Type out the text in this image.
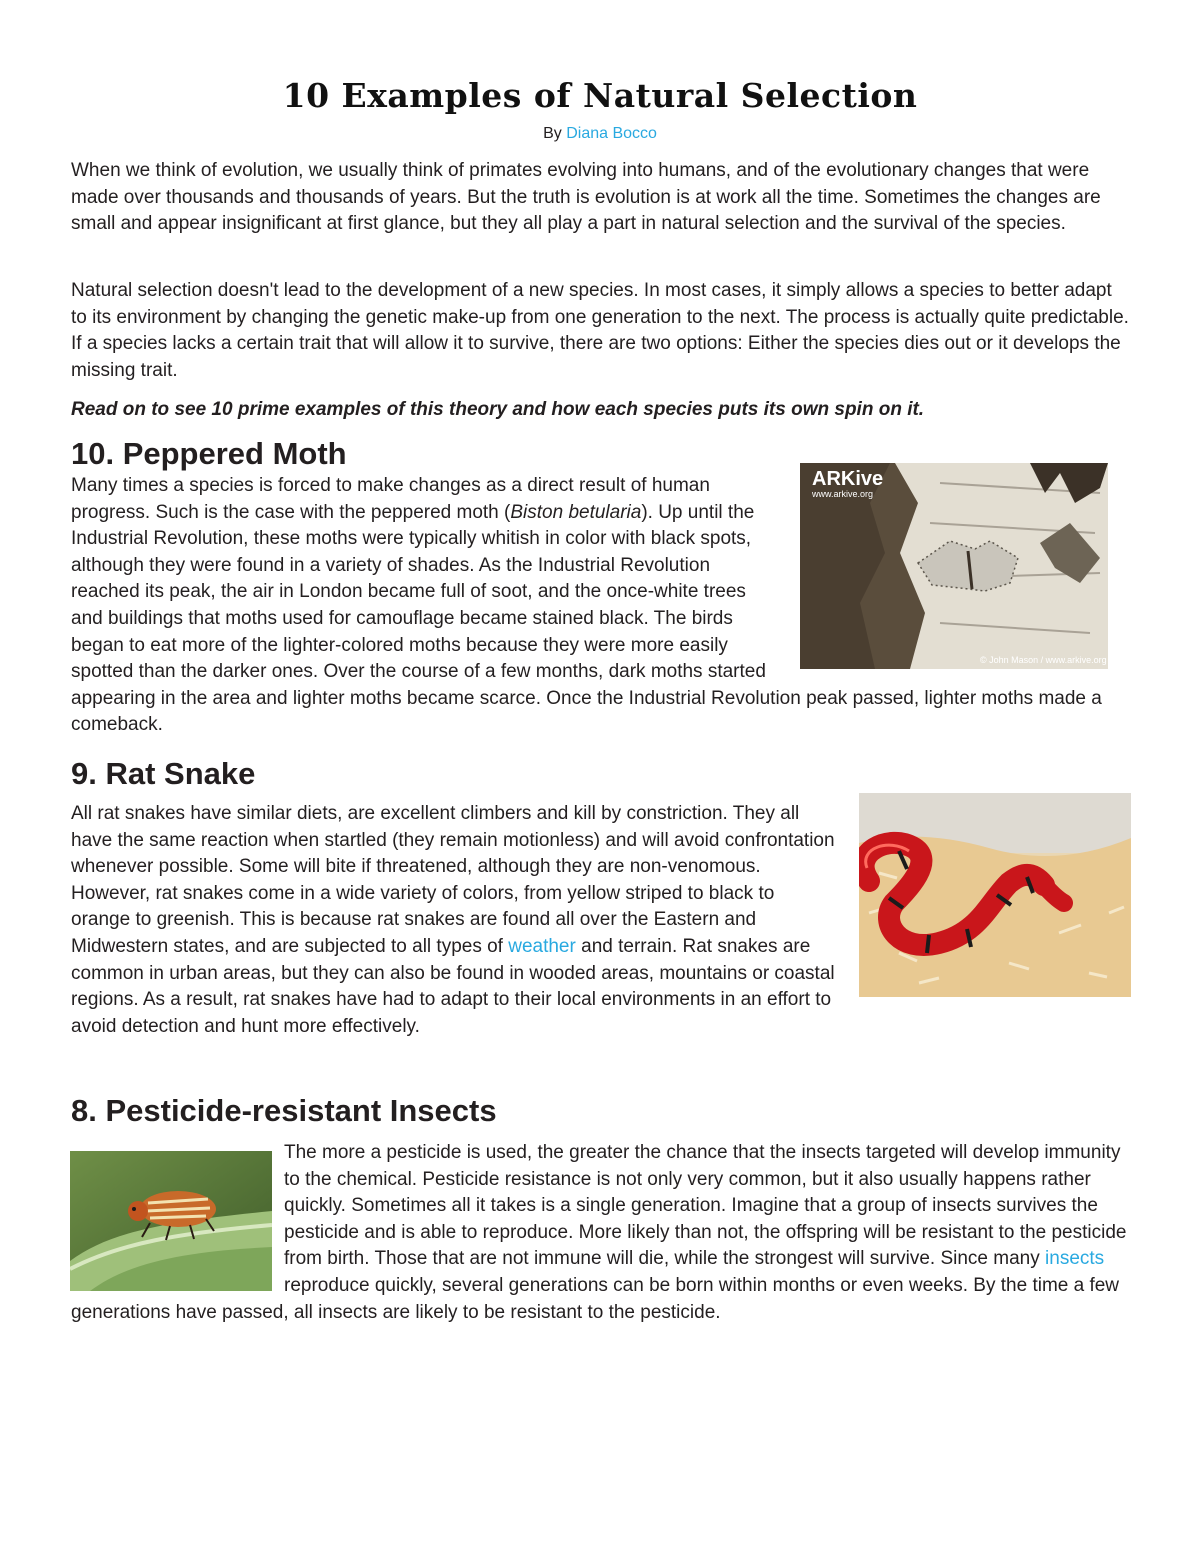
10 Examples of Natural Selection
By Diana Bocco

When we think of evolution, we usually think of primates evolving into humans, and of the evolutionary changes that were made over thousands and thousands of years. But the truth is evolution is at work all the time. Sometimes the changes are small and appear insignificant at first glance, but they all play a part in natural selection and the survival of the species.

Natural selection doesn't lead to the development of a new species. In most cases, it simply allows a species to better adapt to its environment by changing the genetic make-up from one generation to the next. The process is actually quite predictable. If a species lacks a certain trait that will allow it to survive, there are two options: Either the species dies out or it develops the missing trait.

Read on to see 10 prime examples of this theory and how each species puts its own spin on it.

10. Peppered Moth
ARKive
www.arkive.org
© John Mason / www.arkive.org

Many times a species is forced to make changes as a direct result of human progress. Such is the case with the peppered moth (Biston betularia). Up until the Industrial Revolution, these moths were typically whitish in color with black spots, although they were found in a variety of shades. As the Industrial Revolution reached its peak, the air in London became full of soot, and the once-white trees and buildings that moths used for camouflage became stained black. The birds began to eat more of the lighter-colored moths because they were more easily spotted than the darker ones. Over the course of a few months, dark moths started appearing in the area and lighter moths became scarce. Once the Industrial Revolution peak passed, lighter moths made a comeback.

9. Rat Snake

All rat snakes have similar diets, are excellent climbers and kill by constriction. They all have the same reaction when startled (they remain motionless) and will avoid confrontation whenever possible. Some will bite if threatened, although they are non-venomous. However, rat snakes come in a wide variety of colors, from yellow striped to black to orange to greenish. This is because rat snakes are found all over the Eastern and Midwestern states, and are subjected to all types of weather and terrain. Rat snakes are common in urban areas, but they can also be found in wooded areas, mountains or coastal regions. As a result, rat snakes have had to adapt to their local environments in an effort to avoid detection and hunt more effectively.

8. Pesticide-resistant Insects

The more a pesticide is used, the greater the chance that the insects targeted will develop immunity to the chemical. Pesticide resistance is not only very common, but it also usually happens rather quickly. Sometimes all it takes is a single generation. Imagine that a group of insects survives the pesticide and is able to reproduce. More likely than not, the offspring will be resistant to the pesticide from birth. Those that are not immune will die, while the strongest will survive. Since many insects reproduce quickly, several generations can be born within months or even weeks. By the time a few generations have passed, all insects are likely to be resistant to the pesticide.
